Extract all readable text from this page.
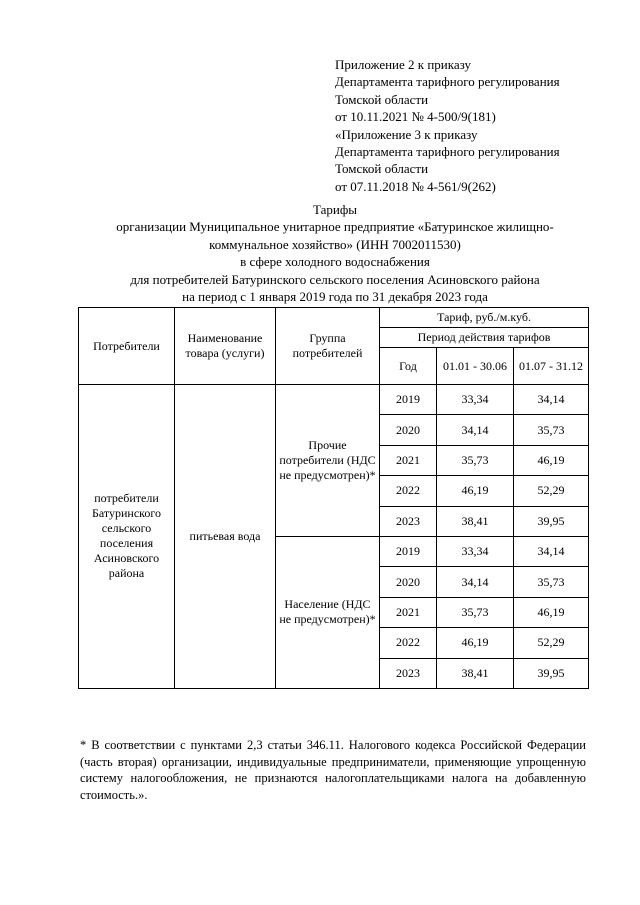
Приложение 2 к приказу
Департамента тарифного регулирования
Томской области
от 10.11.2021 № 4-500/9(181)
«Приложение 3 к приказу
Департамента тарифного регулирования
Томской области
от 07.11.2018 № 4-561/9(262)
Тарифы
организации Муниципальное унитарное предприятие «Батуринское жилищно-
коммунальное хозяйство» (ИНН 7002011530)
в сфере холодного водоснабжения
для потребителей Батуринского сельского поселения Асиновского района
на период с 1 января 2019 года по 31 декабря 2023 года
Потребители	Наименование товара (услуги)	Группа потребителей	Тариф, руб./м.куб.		
			Период действия тарифов		
			Год	01.01 - 30.06	01.07 - 31.12
потребители Батуринского сельского поселения Асиновского района	питьевая вода	Прочие потребители (НДС не предусмотрен)*	2019	33,34	34,14
			2020	34,14	35,73
			2021	35,73	46,19
			2022	46,19	52,29
			2023	38,41	39,95
		Население (НДС не предусмотрен)*	2019	33,34	34,14
			2020	34,14	35,73
			2021	35,73	46,19
			2022	46,19	52,29
			2023	38,41	39,95
* В соответствии с пунктами 2,3 статьи 346.11. Налогового кодекса Российской Федерации (часть вторая) организации, индивидуальные предприниматели, применяющие упрощенную систему налогообложения, не признаются налогоплательщиками налога на добавленную стоимость.».
